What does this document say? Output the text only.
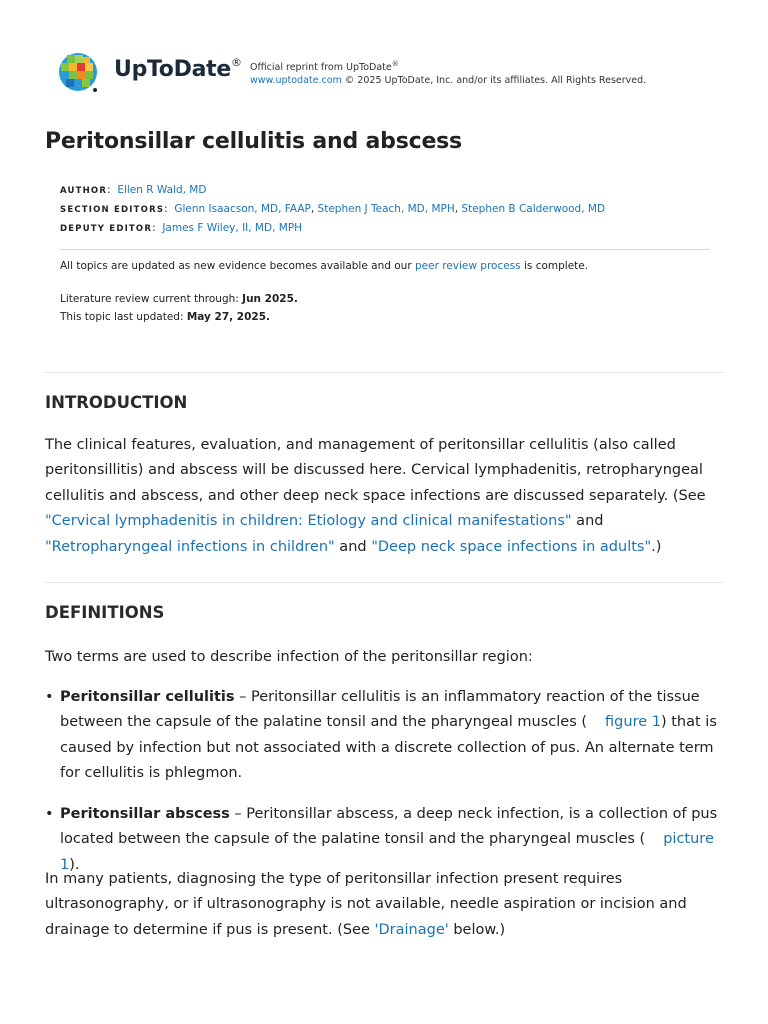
UpToDate® Official reprint from UpToDate®
www.uptodate.com © 2025 UpToDate, Inc. and/or its affiliates. All Rights Reserved.
Peritonsillar cellulitis and abscess
AUTHOR:  Ellen R Wald, MD
SECTION EDITORS:  Glenn Isaacson, MD, FAAP, Stephen J Teach, MD, MPH, Stephen B Calderwood, MD
DEPUTY EDITOR:  James F Wiley, II, MD, MPH
All topics are updated as new evidence becomes available and our peer review process is complete.
Literature review current through: Jun 2025.
This topic last updated: May 27, 2025.
INTRODUCTION

The clinical features, evaluation, and management of peritonsillar cellulitis (also called peritonsillitis) and abscess will be discussed here. Cervical lymphadenitis, retropharyngeal cellulitis and abscess, and other deep neck space infections are discussed separately. (See "Cervical lymphadenitis in children: Etiology and clinical manifestations" and "Retropharyngeal infections in children" and "Deep neck space infections in adults".)

DEFINITIONS

Two terms are used to describe infection of the peritonsillar region:

• Peritonsillar cellulitis – Peritonsillar cellulitis is an inflammatory reaction of the tissue between the capsule of the palatine tonsil and the pharyngeal muscles ( figure 1) that is caused by infection but not associated with a discrete collection of pus. An alternate term for cellulitis is phlegmon.
• Peritonsillar abscess – Peritonsillar abscess, a deep neck infection, is a collection of pus located between the capsule of the palatine tonsil and the pharyngeal muscles ( picture 1).

In many patients, diagnosing the type of peritonsillar infection present requires ultrasonography, or if ultrasonography is not available, needle aspiration or incision and drainage to determine if pus is present. (See 'Drainage' below.)
